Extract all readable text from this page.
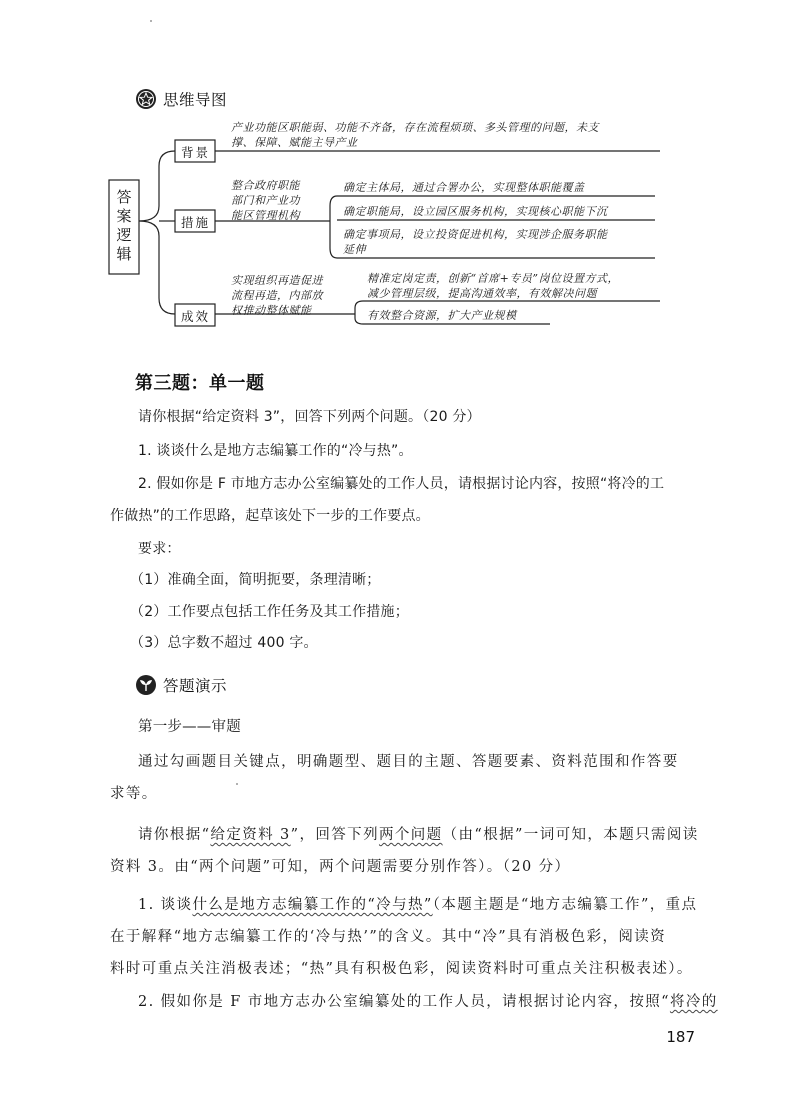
思维导图
答
案
逻
辑
背景
措施
成效
产业功能区职能弱、功能不齐备，存在流程烦琐、多头管理的问题，未支
撑、保障、赋能主导产业
整合政府职能
部门和产业功
能区管理机构
确定主体局，通过合署办公，实现整体职能覆盖
确定职能局，设立园区服务机构，实现核心职能下沉
确定事项局，设立投资促进机构，实现涉企服务职能
延伸
实现组织再造促进
流程再造，内部放
权推动整体赋能
精准定岗定责，创新“首席+专员”岗位设置方式，
减少管理层级，提高沟通效率，有效解决问题
有效整合资源，扩大产业规模
第三题：单一题
请你根据“给定资料 3”，回答下列两个问题。（20 分）
1. 谈谈什么是地方志编纂工作的“冷与热”。
2. 假如你是 F 市地方志办公室编纂处的工作人员，请根据讨论内容，按照“将冷的工
作做热”的工作思路，起草该处下一步的工作要点。
要求：
（1）准确全面，简明扼要，条理清晰；
（2）工作要点包括工作任务及其工作措施；
（3）总字数不超过 400 字。
答题演示
第一步——审题
通过勾画题目关键点，明确题型、题目的主题、答题要素、资料范围和作答要
求等。
请你根据“给定资料 3”，回答下列两个问题（由“根据”一词可知，本题只需阅读
资料 3。由“两个问题”可知，两个问题需要分别作答）。（20 分）
1. 谈谈什么是地方志编纂工作的“冷与热”（本题主题是“地方志编纂工作”，重点
在于解释“地方志编纂工作的‘冷与热’”的含义。其中“冷”具有消极色彩，阅读资
料时可重点关注消极表述；“热”具有积极色彩，阅读资料时可重点关注积极表述）。
2. 假如你是 F 市地方志办公室编纂处的工作人员，请根据讨论内容，按照“将冷的
187
